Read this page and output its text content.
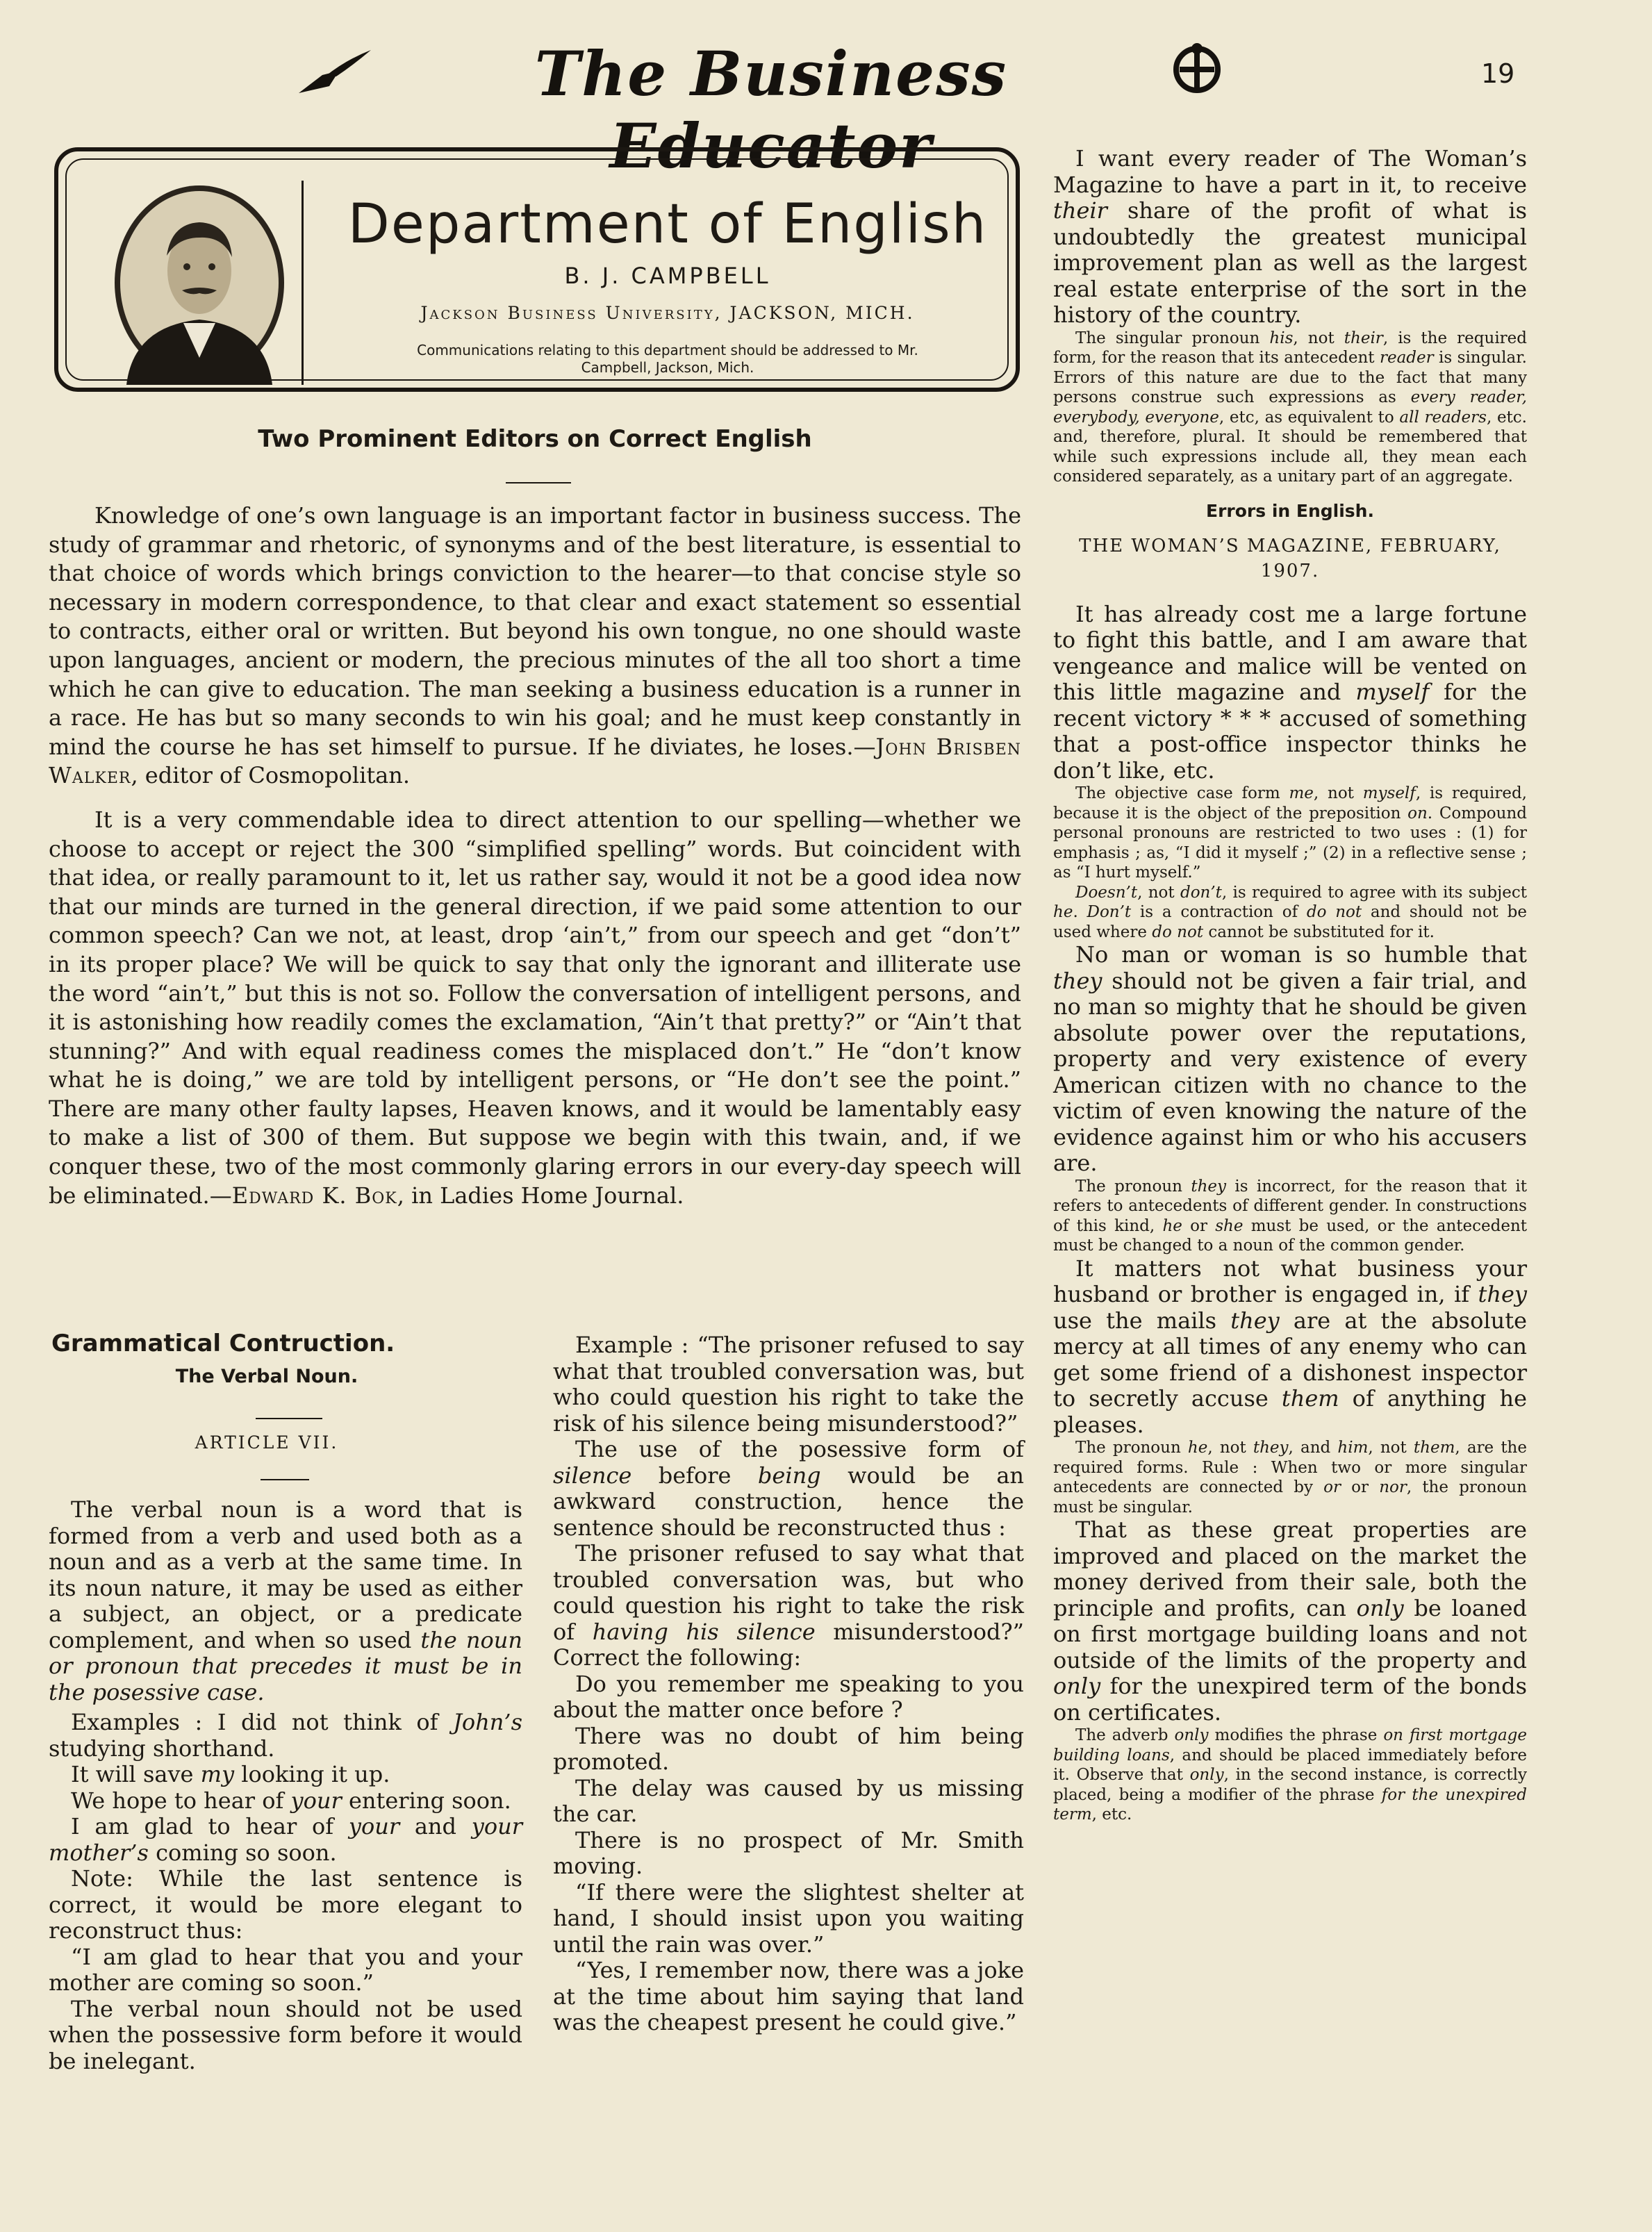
The Business Educator
19
Department of English
B. J. CAMPBELL
Jackson Business University, JACKSON, MICH.
Communications relating to this department should be addressed to Mr. Campbell, Jackson, Mich.
Two Prominent Editors on Correct English

Knowledge of one’s own language is an important factor in business success. The study of grammar and rhetoric, of synonyms and of the best literature, is essential to that choice of words which brings conviction to the hearer—to that concise style so necessary in modern correspondence, to that clear and exact statement so essential to contracts, either oral or written. But beyond his own tongue, no one should waste upon languages, ancient or modern, the precious minutes of the all too short a time which he can give to education. The man seeking a business education is a runner in a race. He has but so many seconds to win his goal; and he must keep constantly in mind the course he has set himself to pursue. If he diviates, he loses.—John Brisben Walker, editor of Cosmopolitan.

It is a very commendable idea to direct attention to our spelling—whether we choose to accept or reject the 300 “simplified spelling” words. But coincident with that idea, or really paramount to it, let us rather say, would it not be a good idea now that our minds are turned in the general direction, if we paid some attention to our common speech? Can we not, at least, drop ‘ain’t,” from our speech and get “don’t” in its proper place? We will be quick to say that only the ignorant and illiterate use the word “ain’t,” but this is not so. Follow the conversation of intelligent persons, and it is astonishing how readily comes the exclamation, “Ain’t that pretty?” or “Ain’t that stunning?” And with equal readiness comes the misplaced don’t.” He “don’t know what he is doing,” we are told by intelligent persons, or “He don’t see the point.” There are many other faulty lapses, Heaven knows, and it would be lamentably easy to make a list of 300 of them. But suppose we begin with this twain, and, if we conquer these, two of the most commonly glaring errors in our every-day speech will be eliminated.—Edward K. Bok, in Ladies Home Journal.

Grammatical Contruction.
The Verbal Noun.
ARTICLE VII.

The verbal noun is a word that is formed from a verb and used both as a noun and as a verb at the same time. In its noun nature, it may be used as either a subject, an object, or a predicate complement, and when so used the noun or pronoun that precedes it must be in the posessive case.

Examples : I did not think of John’s studying shorthand.

It will save my looking it up.

We hope to hear of your entering soon.

I am glad to hear of your and your mother’s coming so soon.

Note: While the last sentence is correct, it would be more elegant to reconstruct thus:

“I am glad to hear that you and your mother are coming so soon.”

The verbal noun should not be used when the possessive form before it would be inelegant.

Example : “The prisoner refused to say what that troubled conversation was, but who could question his right to take the risk of his silence being misunderstood?”

The use of the posessive form of silence before being would be an awkward construction, hence the sentence should be reconstructed thus :

The prisoner refused to say what that troubled conversation was, but who could question his right to take the risk of having his silence misunderstood?” Correct the following:

Do you remember me speaking to you about the matter once before ?

There was no doubt of him being promoted.

The delay was caused by us missing the car.

There is no prospect of Mr. Smith moving.

“If there were the slightest shelter at hand, I should insist upon you waiting until the rain was over.”

“Yes, I remember now, there was a joke at the time about him saying that land was the cheapest present he could give.”

I want every reader of The Woman’s Magazine to have a part in it, to receive their share of the profit of what is undoubtedly the greatest municipal improvement plan as well as the largest real estate enterprise of the sort in the history of the country.

The singular pronoun his, not their, is the required form, for the reason that its antecedent reader is singular. Errors of this nature are due to the fact that many persons construe such expressions as every reader, everybody, everyone, etc, as equivalent to all readers, etc. and, therefore, plural. It should be remembered that while such expressions include all, they mean each considered separately, as a unitary part of an aggregate.

Errors in English.
THE WOMAN’S MAGAZINE, FEBRUARY, 1907.

It has already cost me a large fortune to fight this battle, and I am aware that vengeance and malice will be vented on this little magazine and myself for the recent victory * * * accused of something that a post-office inspector thinks he don’t like, etc.

The objective case form me, not myself, is required, because it is the object of the preposition on. Compound personal pronouns are restricted to two uses : (1) for emphasis ; as, “I did it myself ;” (2) in a reflective sense ; as “I hurt myself.”

Doesn’t, not don’t, is required to agree with its subject he. Don’t is a contraction of do not and should not be used where do not cannot be substituted for it.

No man or woman is so humble that they should not be given a fair trial, and no man so mighty that he should be given absolute power over the reputations, property and very existence of every American citizen with no chance to the victim of even knowing the nature of the evidence against him or who his accusers are.

The pronoun they is incorrect, for the reason that it refers to antecedents of different gender. In constructions of this kind, he or she must be used, or the antecedent must be changed to a noun of the common gender.

It matters not what business your husband or brother is engaged in, if they use the mails they are at the absolute mercy at all times of any enemy who can get some friend of a dishonest inspector to secretly accuse them of anything he pleases.

The pronoun he, not they, and him, not them, are the required forms. Rule : When two or more singular antecedents are connected by or or nor, the pronoun must be singular.

That as these great properties are improved and placed on the market the money derived from their sale, both the principle and profits, can only be loaned on first mortgage building loans and not outside of the limits of the property and only for the unexpired term of the bonds on certificates.

The adverb only modifies the phrase on first mortgage building loans, and should be placed immediately before it. Observe that only, in the second instance, is correctly placed, being a modifier of the phrase for the unexpired term, etc.
